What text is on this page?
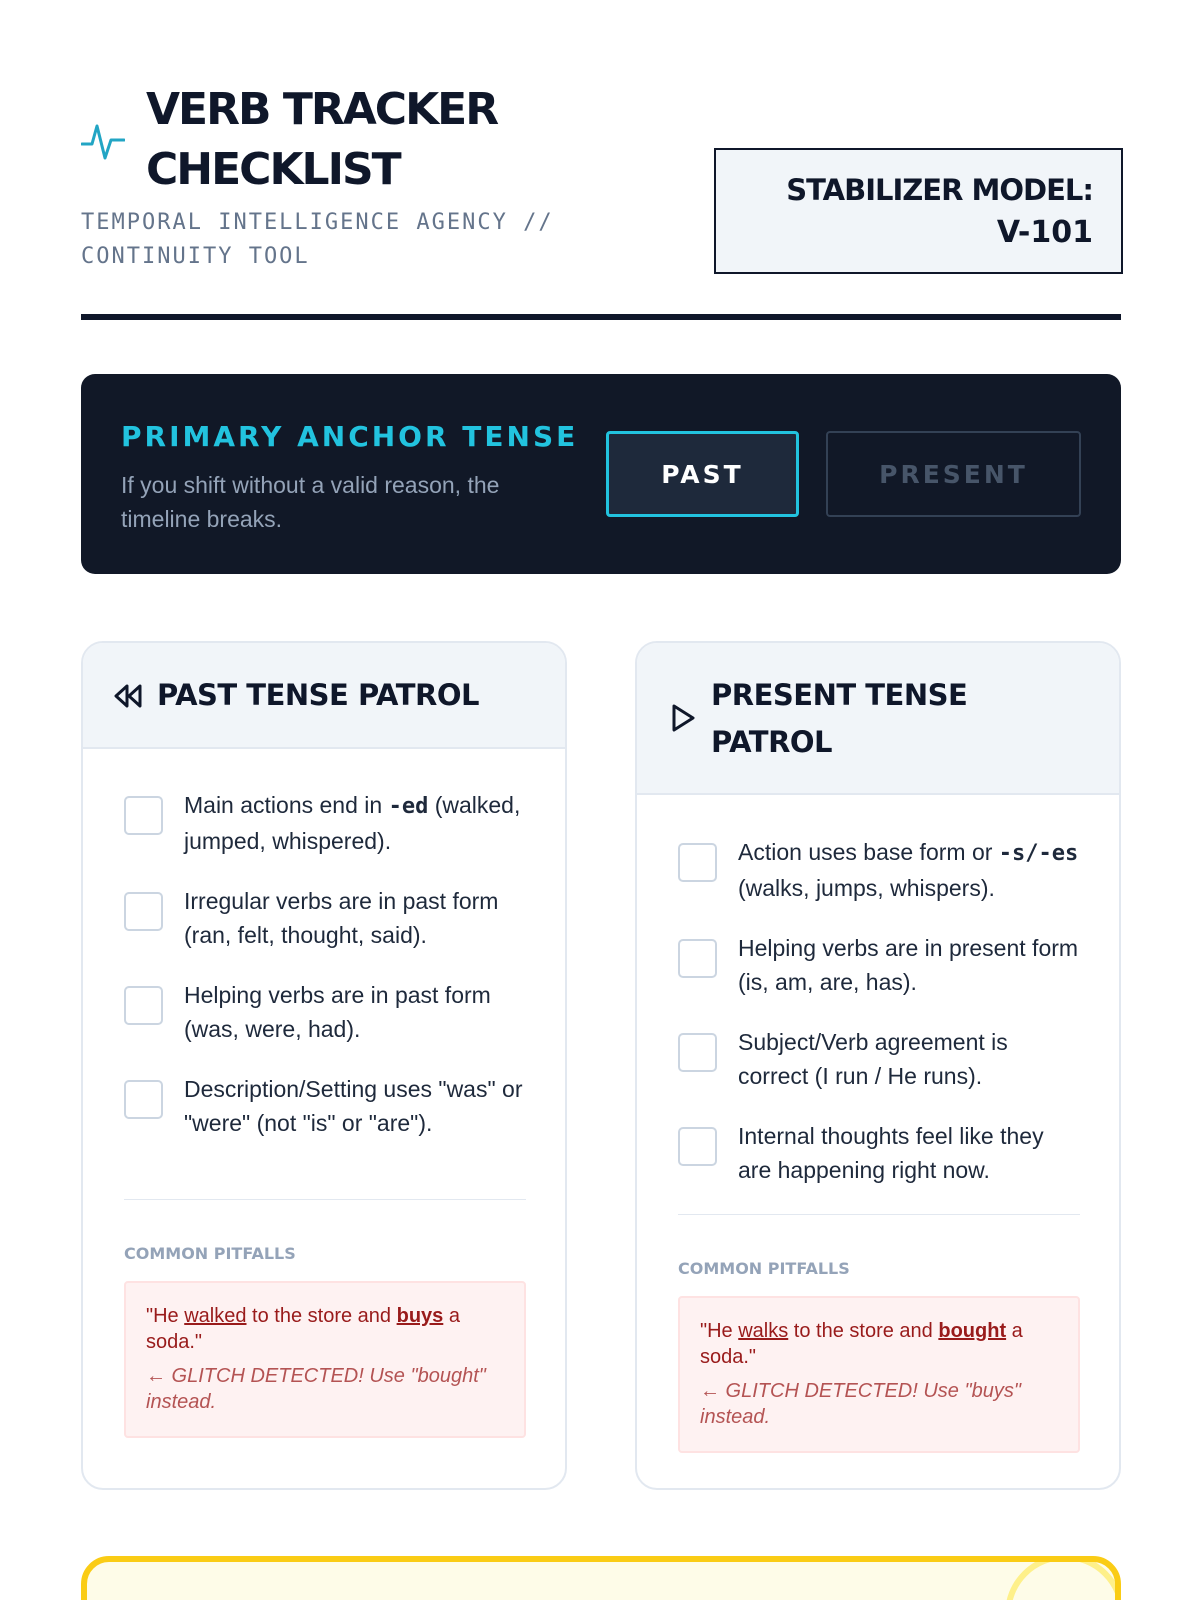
VERB TRACKER
CHECKLIST
TEMPORAL INTELLIGENCE AGENCY // CONTINUITY TOOL
STABILIZER MODEL:
V-101
PRIMARY ANCHOR TENSE
If you shift without a valid reason, the timeline breaks.
PAST	PRESENT
PAST TENSE PATROL
Main actions end in -ed (walked, jumped, whispered).
Irregular verbs are in past form (ran, felt, thought, said).
Helping verbs are in past form (was, were, had).
Description/Setting uses "was" or "were" (not "is" or "are").
COMMON PITFALLS
"He walked to the store and buys a soda."
← GLITCH DETECTED! Use "bought" instead.
PRESENT TENSE PATROL
Action uses base form or -s/-es (walks, jumps, whispers).
Helping verbs are in present form (is, am, are, has).
Subject/Verb agreement is correct (I run / He runs).
Internal thoughts feel like they are happening right now.
COMMON PITFALLS
"He walks to the store and bought a soda."
← GLITCH DETECTED! Use "buys" instead.
